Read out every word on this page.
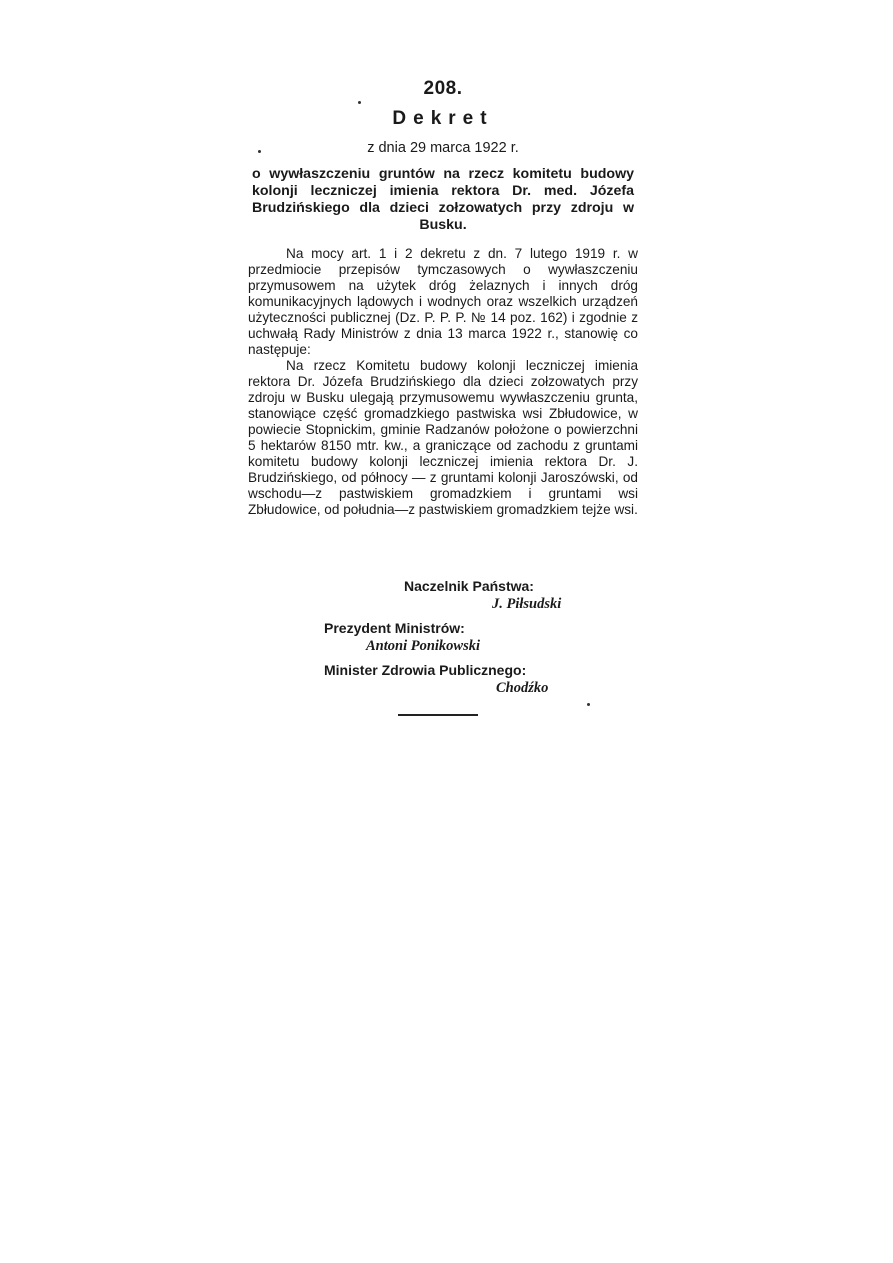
208.
Dekret
z dnia 29 marca 1922 r.
o wywłaszczeniu gruntów na rzecz komitetu budowy kolonji leczniczej imienia rektora Dr. med. Józefa Brudzińskiego dla dzieci zołzowatych przy zdroju w Busku.

Na mocy art. 1 i 2 dekretu z dn. 7 lutego 1919 r. w przedmiocie przepisów tymczasowych o wywłaszczeniu przymusowem na użytek dróg żelaznych i innych dróg komunikacyjnych lądowych i wodnych oraz wszelkich urządzeń użyteczności publicznej (Dz. P. P. P. № 14 poz. 162) i zgodnie z uchwałą Rady Ministrów z dnia 13 marca 1922 r., stanowię co następuje:

Na rzecz Komitetu budowy kolonji leczniczej imienia rektora Dr. Józefa Brudzińskiego dla dzieci zołzowatych przy zdroju w Busku ulegają przymusowemu wywłaszczeniu grunta, stanowiące część gromadzkiego pastwiska wsi Zbłudowice, w powiecie Stopnickim, gminie Radzanów położone o powierzchni 5 hektarów 8150 mtr. kw., a graniczące od zachodu z gruntami komitetu budowy kolonji leczniczej imienia rektora Dr. J. Brudzińskiego, od północy — z gruntami kolonji Jaroszówski, od wschodu—z pastwiskiem gromadzkiem i gruntami wsi Zbłudowice, od południa—z pastwiskiem gromadzkiem tejże wsi.

Naczelnik Państwa:
J. Piłsudski
Prezydent Ministrów:
Antoni Ponikowski
Minister Zdrowia Publicznego:
Chodźko
